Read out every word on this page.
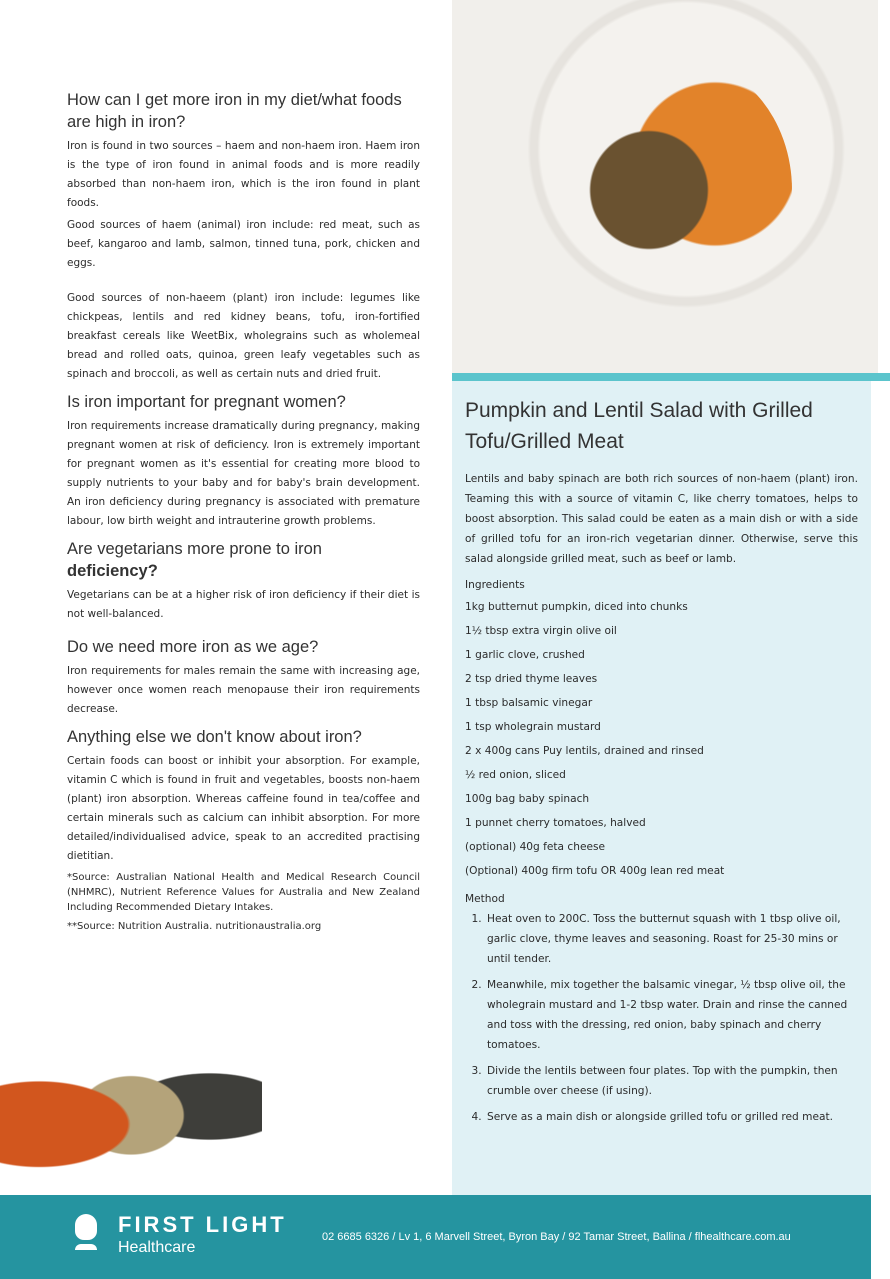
How can I get more iron in my diet/what foods are high in iron?

Iron is found in two sources – haem and non-haem iron. Haem iron is the type of iron found in animal foods and is more readily absorbed than non-haem iron, which is the iron found in plant foods.

Good sources of haem (animal) iron include: red meat, such as beef, kangaroo and lamb, salmon, tinned tuna, pork, chicken and eggs.

Good sources of non-haeem (plant) iron include: legumes like chickpeas, lentils and red kidney beans, tofu, iron-fortified breakfast cereals like WeetBix, wholegrains such as wholemeal bread and rolled oats, quinoa, green leafy vegetables such as spinach and broccoli, as well as certain nuts and dried fruit.

Is iron important for pregnant women?

Iron requirements increase dramatically during pregnancy, making pregnant women at risk of deficiency. Iron is extremely important for pregnant women as it's essential for creating more blood to supply nutrients to your baby and for baby's brain development. An iron deficiency during pregnancy is associated with premature labour, low birth weight and intrauterine growth problems.

Are vegetarians more prone to iron
deficiency?

Vegetarians can be at a higher risk of iron deficiency if their diet is not well-balanced.

Do we need more iron as we age?

Iron requirements for males remain the same with increasing age, however once women reach menopause their iron requirements decrease.

Anything else we don't know about iron?

Certain foods can boost or inhibit your absorption. For example, vitamin C which is found in fruit and vegetables, boosts non-haem (plant) iron absorption. Whereas caffeine found in tea/coffee and certain minerals such as calcium can inhibit absorption. For more detailed/individualised advice, speak to an accredited practising dietitian.

*Source: Australian National Health and Medical Research Council (NHMRC), Nutrient Reference Values for Australia and New Zealand Including Recommended Dietary Intakes.

**Source: Nutrition Australia. nutritionaustralia.org

Pumpkin and Lentil Salad with Grilled Tofu/Grilled Meat

Lentils and baby spinach are both rich sources of non-haem (plant) iron. Teaming this with a source of vitamin C, like cherry tomatoes, helps to boost absorption. This salad could be eaten as a main dish or with a side of grilled tofu for an iron-rich vegetarian dinner. Otherwise, serve this salad alongside grilled meat, such as beef or lamb.

Ingredients
1kg butternut pumpkin, diced into chunks
1½ tbsp extra virgin olive oil
1 garlic clove, crushed
2 tsp dried thyme leaves
1 tbsp balsamic vinegar
1 tsp wholegrain mustard
2 x 400g cans Puy lentils, drained and rinsed
½ red onion, sliced
100g bag baby spinach
1 punnet cherry tomatoes, halved
(optional) 40g feta cheese
(Optional) 400g firm tofu OR 400g lean red meat
Method
1. Heat oven to 200C. Toss the butternut squash with 1 tbsp olive oil, garlic clove, thyme leaves and seasoning. Roast for 25-30 mins or until tender.
2. Meanwhile, mix together the balsamic vinegar, ½ tbsp olive oil, the wholegrain mustard and 1-2 tbsp water. Drain and rinse the canned and toss with the dressing, red onion, baby spinach and cherry tomatoes.
3. Divide the lentils between four plates. Top with the pumpkin, then crumble over cheese (if using).
4. Serve as a main dish or alongside grilled tofu or grilled red meat.
FIRST LIGHT
Healthcare
02 6685 6326 / Lv 1, 6 Marvell Street, Byron Bay / 92 Tamar Street, Ballina / flhealthcare.com.au
